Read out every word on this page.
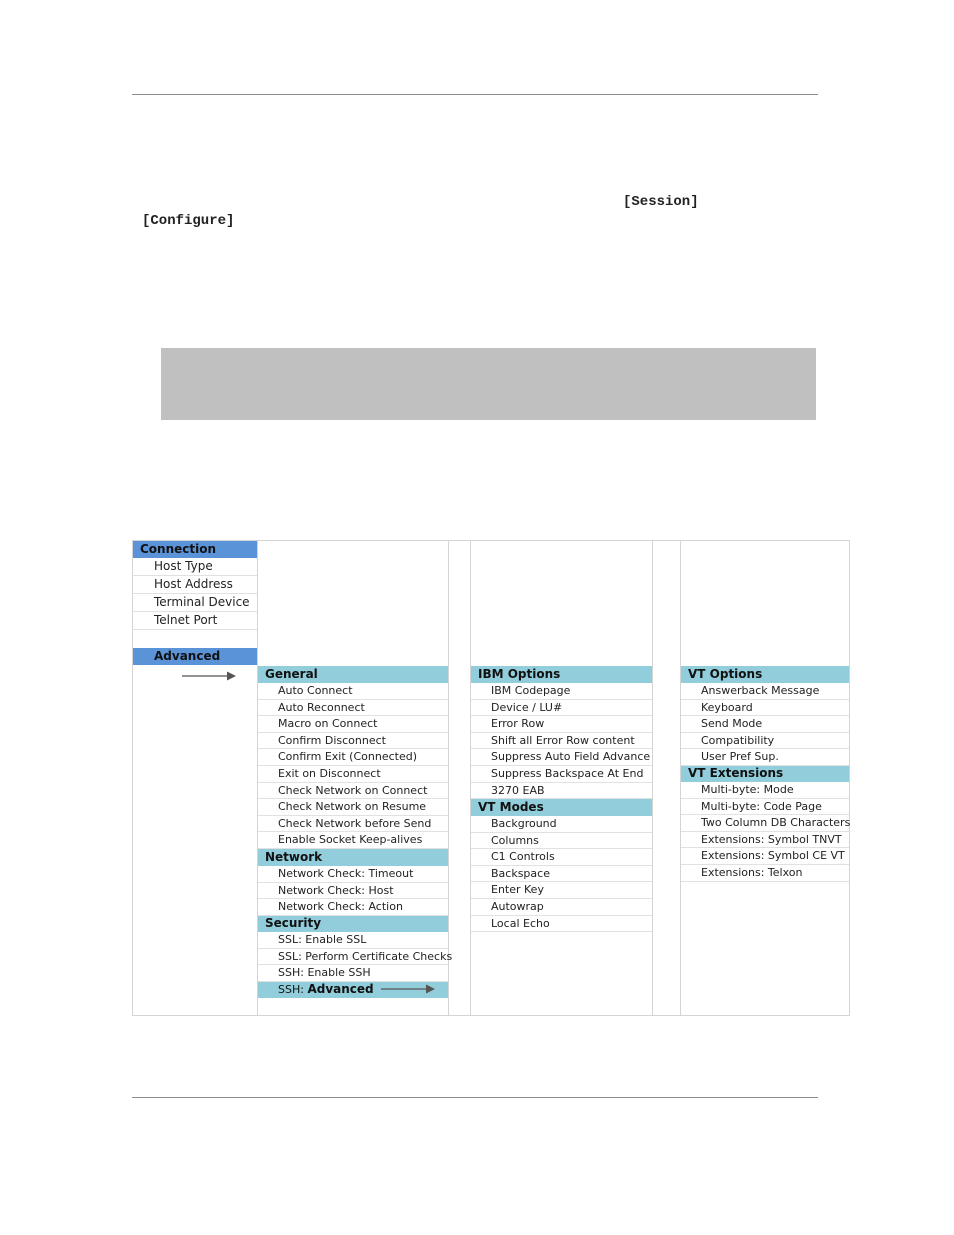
[Session]
[Configure]
Connection
Host Type
Host Address
Terminal Device
Telnet Port
Advanced
General
Network
Security
SSH: Advanced
IBM Options
VT Modes
VT Options
VT Extensions
Auto Connect
Auto Reconnect
Macro on Connect
Confirm Disconnect
Confirm Exit (Connected)
Exit on Disconnect
Check Network on Connect
Check Network on Resume
Check Network before Send
Enable Socket Keep-alives
Network Check: Timeout
Network Check: Host
Network Check: Action
SSL: Enable SSL
SSL: Perform Certificate Checks
SSH: Enable SSH
IBM Codepage
Device / LU#
Error Row
Shift all Error Row content
Suppress Auto Field Advance
Suppress Backspace At End
3270 EAB
Background
Columns
C1 Controls
Backspace
Enter Key
Autowrap
Local Echo
Answerback Message
Keyboard
Send Mode
Compatibility
User Pref Sup.
Multi-byte: Mode
Multi-byte: Code Page
Two Column DB Characters
Extensions: Symbol TNVT
Extensions: Symbol CE VT
Extensions: Telxon
